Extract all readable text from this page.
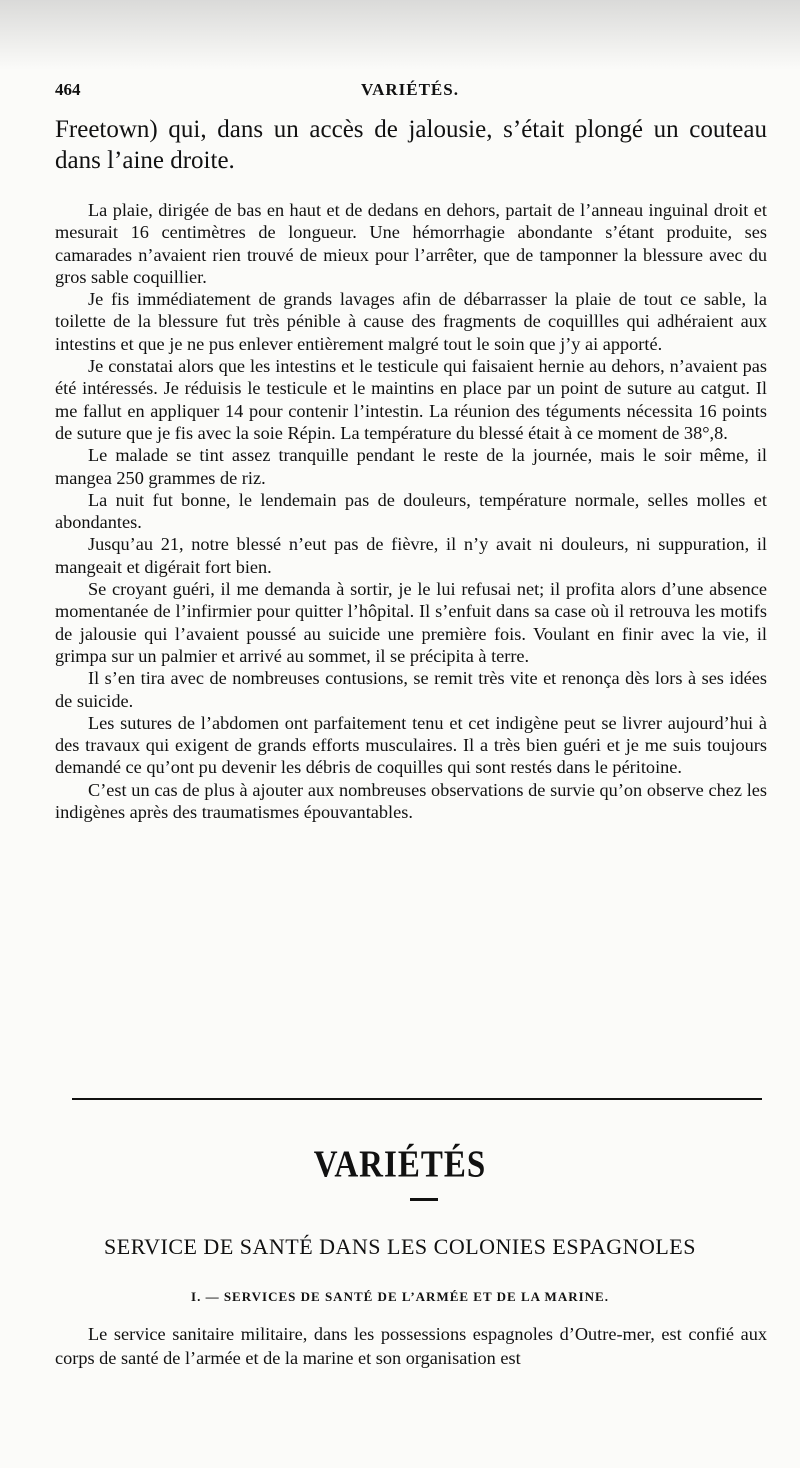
464	VARIÉTÉS.
Freetown) qui, dans un accès de jalousie, s’était plongé un couteau dans l’aine droite.

La plaie, dirigée de bas en haut et de dedans en dehors, partait de l’anneau inguinal droit et mesurait 16 centimètres de longueur. Une hémorrhagie abondante s’étant produite, ses camarades n’avaient rien trouvé de mieux pour l’arrêter, que de tamponner la blessure avec du gros sable coquillier.

Je fis immédiatement de grands lavages afin de débarrasser la plaie de tout ce sable, la toilette de la blessure fut très pénible à cause des fragments de coquillles qui adhéraient aux intestins et que je ne pus enlever entièrement malgré tout le soin que j’y ai apporté.

Je constatai alors que les intestins et le testicule qui faisaient hernie au dehors, n’avaient pas été intéressés. Je réduisis le testicule et le maintins en place par un point de suture au catgut. Il me fallut en appliquer 14 pour contenir l’intestin. La réunion des téguments nécessita 16 points de suture que je fis avec la soie Répin. La température du blessé était à ce moment de 38°,8.

Le malade se tint assez tranquille pendant le reste de la journée, mais le soir même, il mangea 250 grammes de riz.

La nuit fut bonne, le lendemain pas de douleurs, température normale, selles molles et abondantes.

Jusqu’au 21, notre blessé n’eut pas de fièvre, il n’y avait ni douleurs, ni suppuration, il mangeait et digérait fort bien.

Se croyant guéri, il me demanda à sortir, je le lui refusai net; il profita alors d’une absence momentanée de l’infirmier pour quitter l’hôpital. Il s’enfuit dans sa case où il retrouva les motifs de jalousie qui l’avaient poussé au suicide une première fois. Voulant en finir avec la vie, il grimpa sur un palmier et arrivé au sommet, il se précipita à terre.

Il s’en tira avec de nombreuses contusions, se remit très vite et renonça dès lors à ses idées de suicide.

Les sutures de l’abdomen ont parfaitement tenu et cet indigène peut se livrer aujourd’hui à des travaux qui exigent de grands efforts musculaires. Il a très bien guéri et je me suis toujours demandé ce qu’ont pu devenir les débris de coquilles qui sont restés dans le péritoine.

C’est un cas de plus à ajouter aux nombreuses observations de survie qu’on observe chez les indigènes après des traumatismes épouvantables.

VARIÉTÉS
SERVICE DE SANTÉ DANS LES COLONIES ESPAGNOLES
I. — SERVICES DE SANTÉ DE L’ARMÉE ET DE LA MARINE.

Le service sanitaire militaire, dans les possessions espagnoles d’Outre-mer, est confié aux corps de santé de l’armée et de la marine et son organisation est
